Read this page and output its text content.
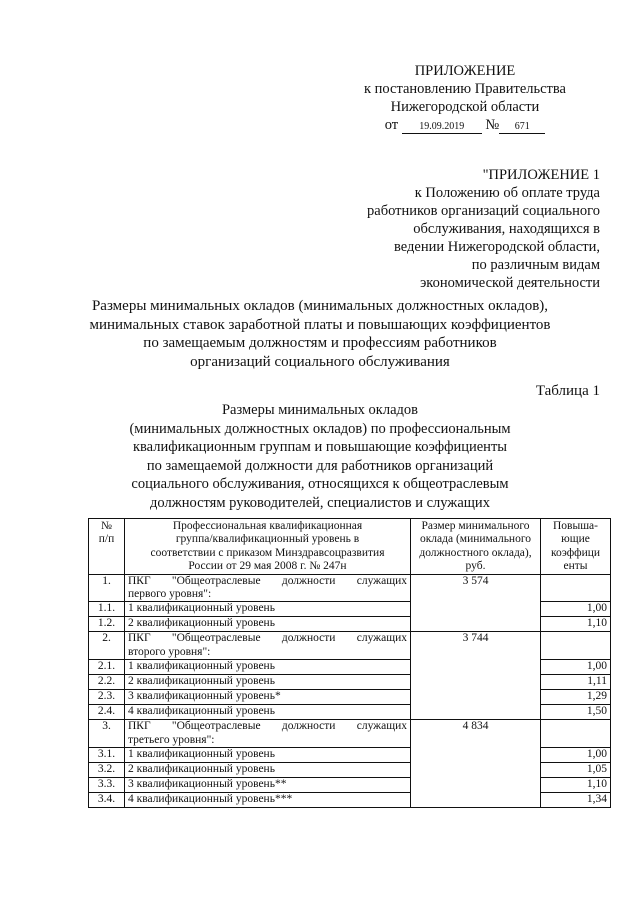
ПРИЛОЖЕНИЕ
к постановлению Правительства
Нижегородской области
от 19.09.2019 № 671
"ПРИЛОЖЕНИЕ 1
к Положению об оплате труда
работников организаций социального
обслуживания, находящихся в
ведении Нижегородской области,
по различным видам
экономической деятельности
Размеры минимальных окладов (минимальных должностных окладов),
минимальных ставок заработной платы и повышающих коэффициентов
по замещаемым должностям и профессиям работников
организаций социального обслуживания
Таблица 1
Размеры минимальных окладов
(минимальных должностных окладов) по профессиональным
квалификационным группам и повышающие коэффициенты
по замещаемой должности для работников организаций
социального обслуживания, относящихся к общеотраслевым
должностям руководителей, специалистов и служащих
№
п/п	Профессиональная квалификационная
группа/квалификационный уровень в
соответствии с приказом Минздравсоцразвития
России от 29 мая 2008 г. № 247н	Размер минимального
оклада (минимального
должностного оклада),
руб.	Повыша-
ющие
коэффици
енты

1.	ПКГ "Общеотраслевые должности служащих
первого уровня":	3 574	
1.1.	1 квалификационный уровень		1,00
1.2.	2 квалификационный уровень		1,10
2.	ПКГ "Общеотраслевые должности служащих
второго уровня":	3 744	
2.1.	1 квалификационный уровень		1,00
2.2.	2 квалификационный уровень		1,11
2.3.	3 квалификационный уровень*		1,29
2.4.	4 квалификационный уровень		1,50
3.	ПКГ "Общеотраслевые должности служащих
третьего уровня":	4 834	
3.1.	1 квалификационный уровень		1,00
3.2.	2 квалификационный уровень		1,05
3.3.	3 квалификационный уровень**		1,10
3.4.	4 квалификационный уровень***		1,34
